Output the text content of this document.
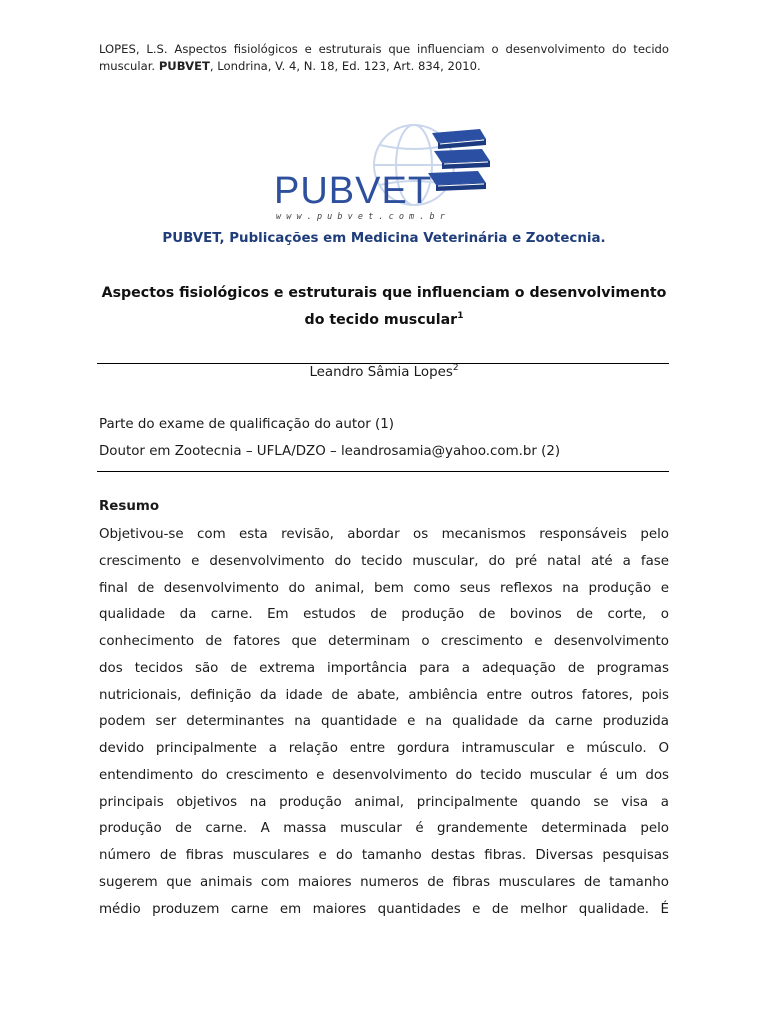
LOPES, L.S. Aspectos fisiológicos e estruturais que influenciam o desenvolvimento do tecido muscular. PUBVET, Londrina, V. 4, N. 18, Ed. 123, Art. 834, 2010.
PUBVET
w w w . p u b v e t . c o m . b r
PUBVET, Publicações em Medicina Veterinária e Zootecnia.
Aspectos fisiológicos e estruturais que influenciam o desenvolvimento
do tecido muscular$^1$
Leandro Sâmia Lopes$^2$
Parte do exame de qualificação do autor (1)
Doutor em Zootecnia – UFLA/DZO – leandrosamia@yahoo.com.br (2)
Resumo
Objetivou-se com esta revisão, abordar os mecanismos responsáveis pelo
crescimento e desenvolvimento do tecido muscular, do pré natal até a fase
final de desenvolvimento do animal, bem como seus reflexos na produção e
qualidade da carne. Em estudos de produção de bovinos de corte, o
conhecimento de fatores que determinam o crescimento e desenvolvimento
dos tecidos são de extrema importância para a adequação de programas
nutricionais, definição da idade de abate, ambiência entre outros fatores, pois
podem ser determinantes na quantidade e na qualidade da carne produzida
devido principalmente a relação entre gordura intramuscular e músculo. O
entendimento do crescimento e desenvolvimento do tecido muscular é um dos
principais objetivos na produção animal, principalmente quando se visa a
produção de carne. A massa muscular é grandemente determinada pelo
número de fibras musculares e do tamanho destas fibras. Diversas pesquisas
sugerem que animais com maiores numeros de fibras musculares de tamanho
médio produzem carne em maiores quantidades e de melhor qualidade. É
